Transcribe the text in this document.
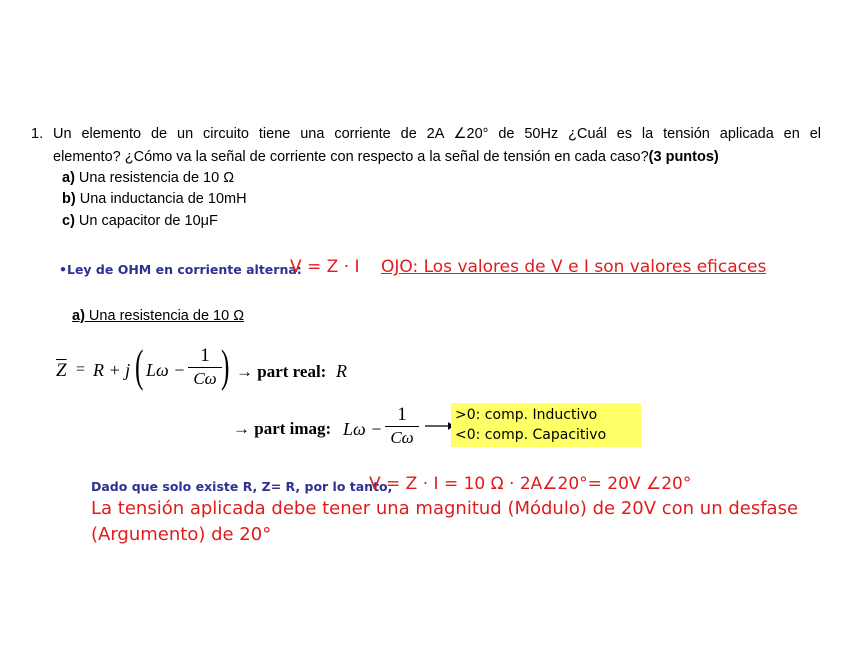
1. Un elemento de un circuito tiene una corriente de 2A ∠20° de 50Hz ¿Cuál es la tensión aplicada en el
elemento? ¿Cómo va la señal de corriente con respecto a la señal de tensión en cada caso?(3 puntos)
a) Una resistencia de 10 Ω
b) Una inductancia de 10mH
c) Un capacitor de 10μF
•Ley de OHM en corriente alterna:
V = Z · I OJO: Los valores de V e I son valores eficaces
a) Una resistencia de 10 Ω
$\overline{Z} = R + j$ ( Lω −
1
Cω ) → part real: R
→ part imag: Lω −
1
Cω
>0: comp. Inductivo
<0: comp. Capacitivo
Dado que solo existe R, Z= R, por lo tanto,
V = Z · I = 10 Ω · 2A∠20°= 20V ∠20°
La tensión aplicada debe tener una magnitud (Módulo) de 20V con un desfase
(Argumento) de 20°
